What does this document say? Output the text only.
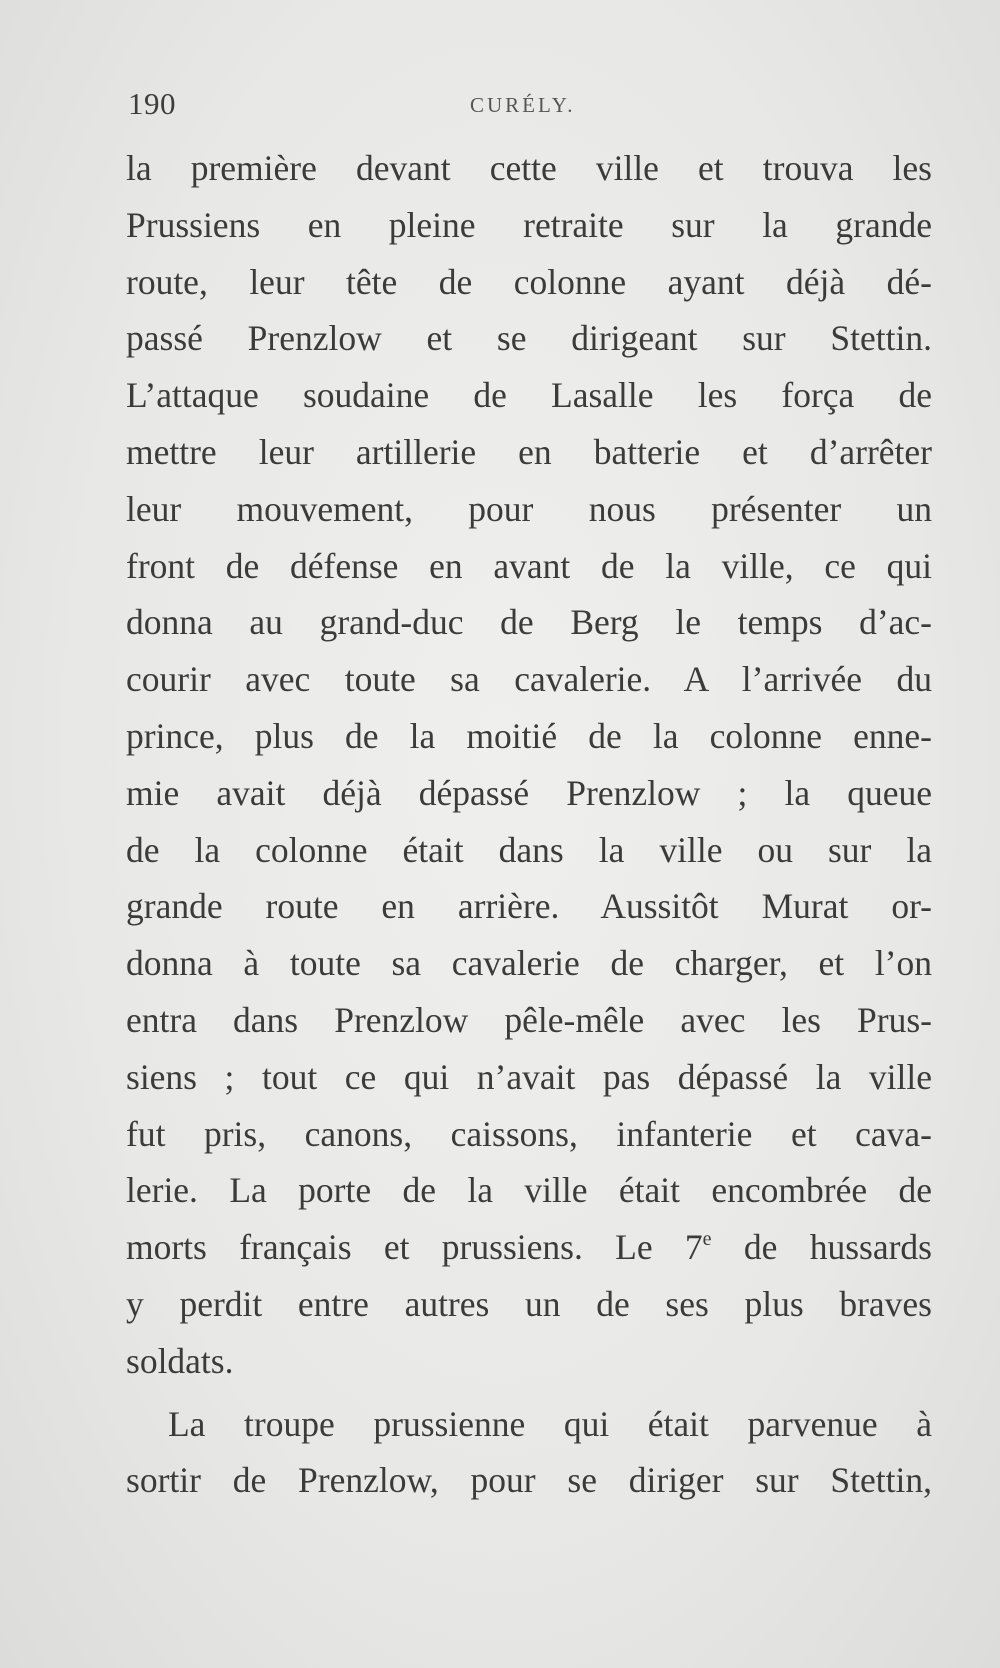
190	CURÉLY.
la première devant cette ville et trouva les
Prussiens en pleine retraite sur la grande
route, leur tête de colonne ayant déjà dé-
passé Prenzlow et se dirigeant sur Stettin.
L’attaque soudaine de Lasalle les força de
mettre leur artillerie en batterie et d’arrêter
leur mouvement, pour nous présenter un
front de défense en avant de la ville, ce qui
donna au grand-duc de Berg le temps d’ac-
courir avec toute sa cavalerie. A l’arrivée du
prince, plus de la moitié de la colonne enne-
mie avait déjà dépassé Prenzlow ; la queue
de la colonne était dans la ville ou sur la
grande route en arrière. Aussitôt Murat or-
donna à toute sa cavalerie de charger, et l’on
entra dans Prenzlow pêle-mêle avec les Prus-
siens ; tout ce qui n’avait pas dépassé la ville
fut pris, canons, caissons, infanterie et cava-
lerie. La porte de la ville était encombrée de
morts français et prussiens. Le 7e de hussards
y perdit entre autres un de ses plus braves
soldats.
La troupe prussienne qui était parvenue à
sortir de Prenzlow, pour se diriger sur Stettin,
